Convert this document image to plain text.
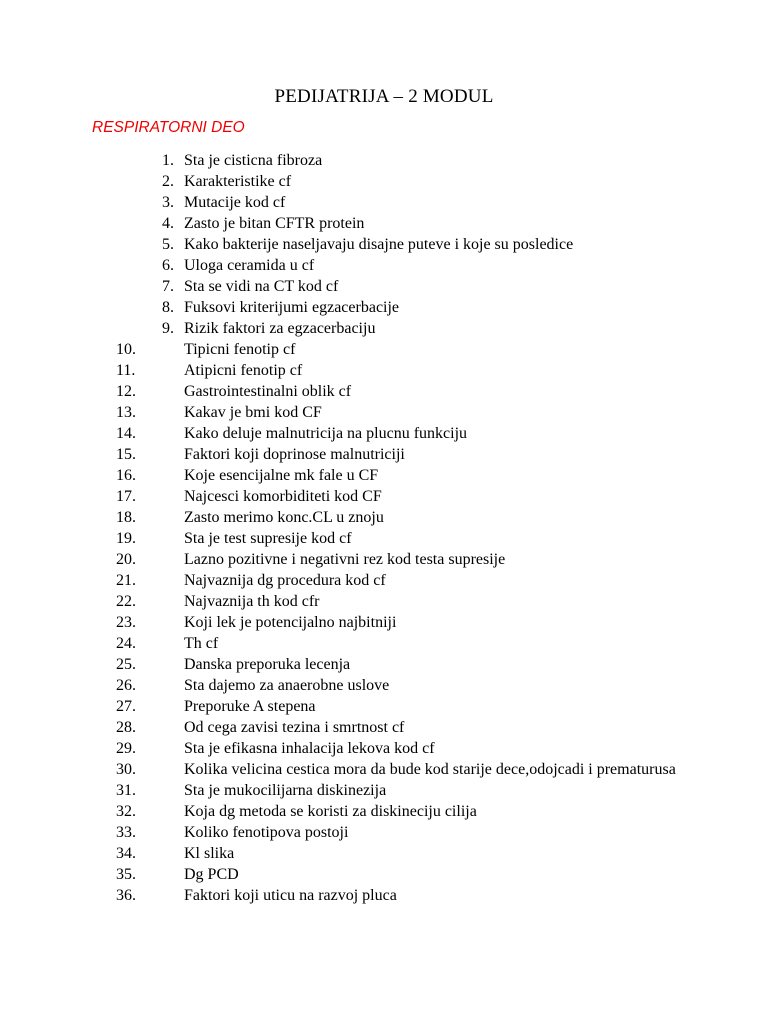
PEDIJATRIJA – 2 MODUL
RESPIRATORNI DEO
1. Sta je cisticna fibroza
2. Karakteristike cf
3. Mutacije kod cf
4. Zasto je bitan CFTR protein
5. Kako bakterije naseljavaju disajne puteve i koje su posledice
6. Uloga ceramida u cf
7. Sta se vidi na CT kod cf
8. Fuksovi kriterijumi egzacerbacije
9. Rizik faktori za egzacerbaciju
10.	Tipicni fenotip cf
11.	Atipicni fenotip cf
12.	Gastrointestinalni oblik cf
13.	Kakav je bmi kod CF
14.	Kako deluje malnutricija na plucnu funkciju
15.	Faktori koji doprinose malnutriciji
16.	Koje esencijalne mk fale u CF
17.	Najcesci komorbiditeti kod CF
18.	Zasto merimo konc.CL u znoju
19.	Sta je test supresije kod cf
20.	Lazno pozitivne i negativni rez kod testa supresije
21.	Najvaznija dg procedura kod cf
22.	Najvaznija th kod cfr
23.	Koji lek je potencijalno najbitniji
24.	Th cf
25.	Danska preporuka lecenja
26.	Sta dajemo za anaerobne uslove
27.	Preporuke A stepena
28.	Od cega zavisi tezina i smrtnost cf
29.	Sta je efikasna inhalacija lekova kod cf
30.	Kolika velicina cestica mora da bude kod starije dece,odojcadi i prematurusa
31.	Sta je mukocilijarna diskinezija
32.	Koja dg metoda se koristi za diskineciju cilija
33.	Koliko fenotipova postoji
34.	Kl slika
35.	Dg PCD
36.	Faktori koji uticu na razvoj pluca
